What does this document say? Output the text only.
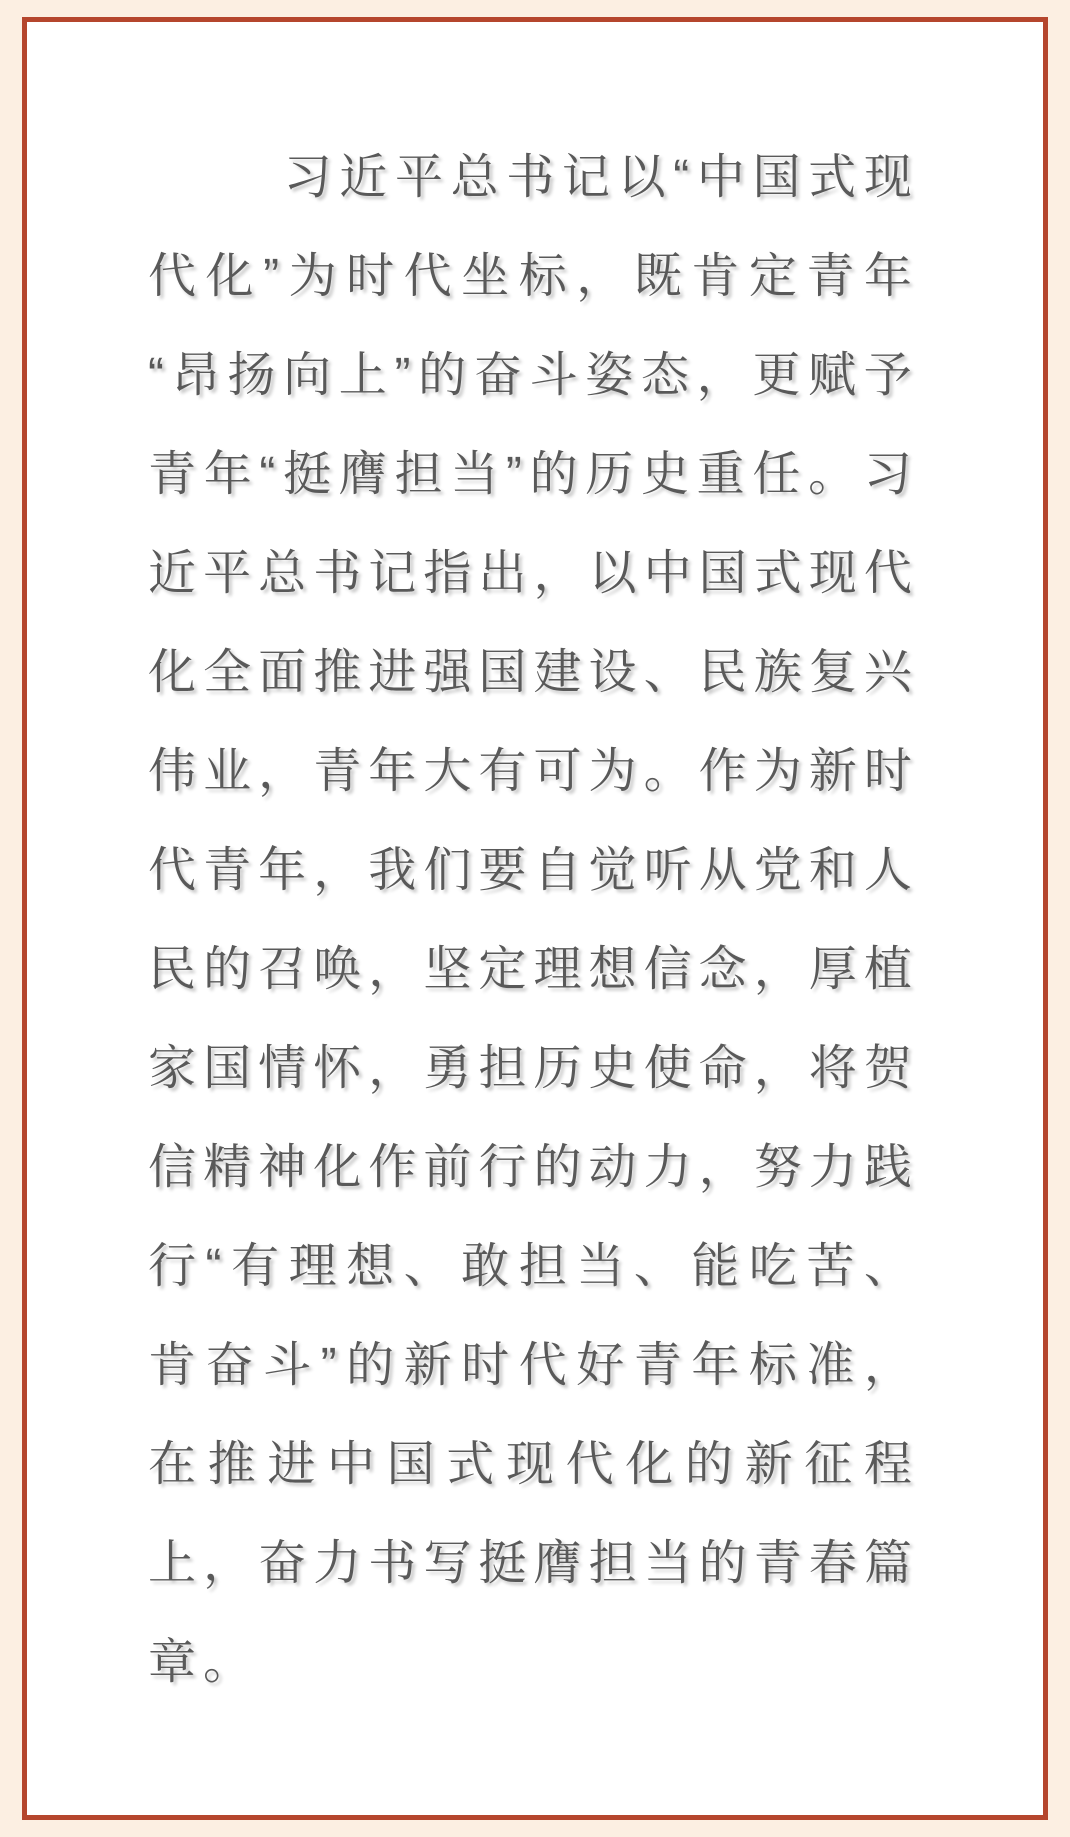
习 近 平 总 书 记 以 “ 中 国 式 现
代 化 ” 为 时 代 坐 标 ， 既 肯 定 青 年
“ 昂 扬 向 上 ” 的 奋 斗 姿 态 ， 更 赋 予
青 年 “ 挺 膺 担 当 ” 的 历 史 重 任 。 习
近 平 总 书 记 指 出 ， 以 中 国 式 现 代
化 全 面 推 进 强 国 建 设 、 民 族 复 兴
伟 业 ， 青 年 大 有 可 为 。 作 为 新 时
代 青 年 ， 我 们 要 自 觉 听 从 党 和 人
民 的 召 唤 ， 坚 定 理 想 信 念 ， 厚 植
家 国 情 怀 ， 勇 担 历 史 使 命 ， 将 贺
信 精 神 化 作 前 行 的 动 力 ， 努 力 践
行 “ 有 理 想 、 敢 担 当 、 能 吃 苦 、
肯 奋 斗 ” 的 新 时 代 好 青 年 标 准 ，
在 推 进 中 国 式 现 代 化 的 新 征 程
上 ， 奋 力 书 写 挺 膺 担 当 的 青 春 篇
章 。
